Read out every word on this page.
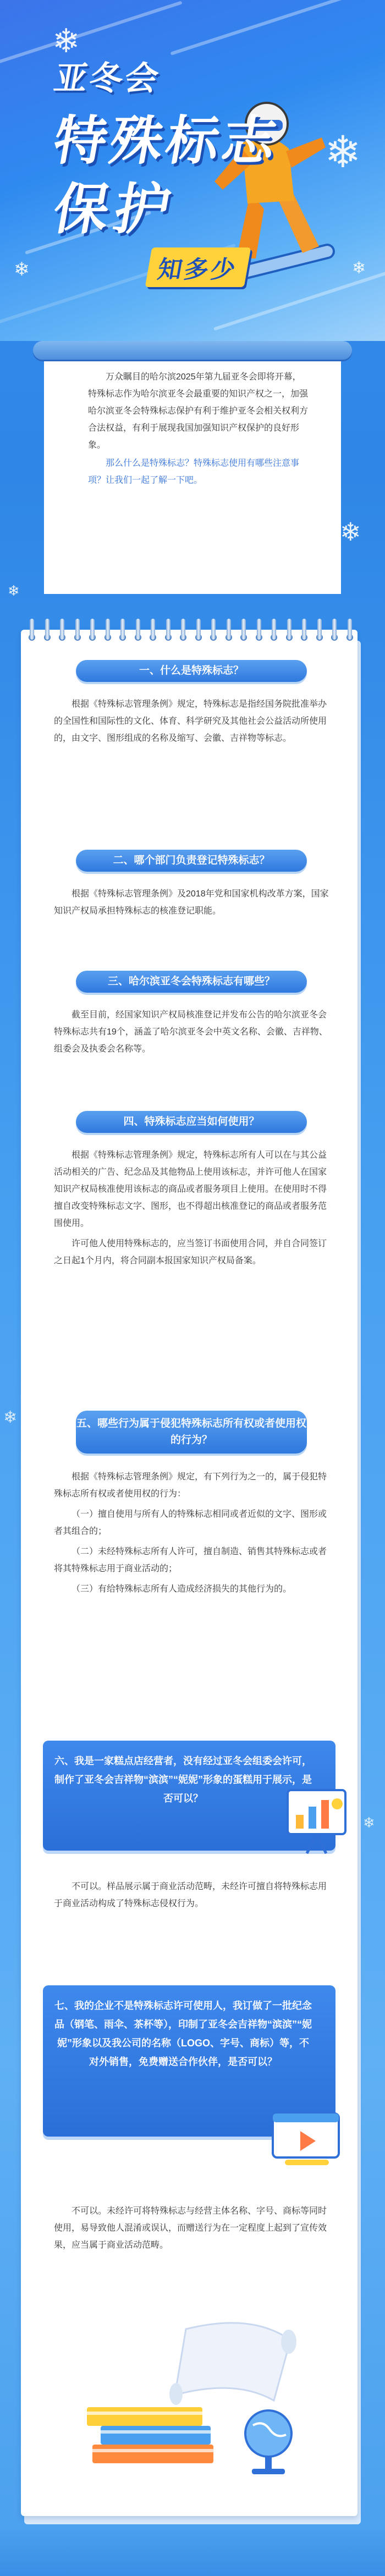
❄
❄
❄	❄
亚冬会
特殊标志
保护
知多少

万众瞩目的哈尔滨2025年第九届亚冬会即将开幕，特殊标志作为哈尔滨亚冬会最重要的知识产权之一，加强哈尔滨亚冬会特殊标志保护有利于维护亚冬会相关权利方合法权益，有利于展现我国加强知识产权保护的良好形象。

那么什么是特殊标志？特殊标志使用有哪些注意事项？让我们一起了解一下吧。

❄
❄
一、什么是特殊标志？

根据《特殊标志管理条例》规定，特殊标志是指经国务院批准举办的全国性和国际性的文化、体育、科学研究及其他社会公益活动所使用的，由文字、图形组成的名称及缩写、会徽、吉祥物等标志。

二、哪个部门负责登记特殊标志？

根据《特殊标志管理条例》及2018年党和国家机构改革方案，国家知识产权局承担特殊标志的核准登记职能。

三、哈尔滨亚冬会特殊标志有哪些？

截至目前，经国家知识产权局核准登记并发布公告的哈尔滨亚冬会特殊标志共有19个，涵盖了哈尔滨亚冬会中英文名称、会徽、吉祥物、组委会及执委会名称等。

四、特殊标志应当如何使用？

根据《特殊标志管理条例》规定，特殊标志所有人可以在与其公益活动相关的广告、纪念品及其他物品上使用该标志，并许可他人在国家知识产权局核准使用该标志的商品或者服务项目上使用。在使用时不得擅自改变特殊标志文字、图形，也不得超出核准登记的商品或者服务范围使用。

许可他人使用特殊标志的，应当签订书面使用合同，并自合同签订之日起1个月内，将合同副本报国家知识产权局备案。

五、哪些行为属于侵犯特殊标志所有权或者使用权的行为？

根据《特殊标志管理条例》规定，有下列行为之一的，属于侵犯特殊标志所有权或者使用权的行为：

（一）擅自使用与所有人的特殊标志相同或者近似的文字、图形或者其组合的；

（二）未经特殊标志所有人许可，擅自制造、销售其特殊标志或者将其特殊标志用于商业活动的；

（三）有给特殊标志所有人造成经济损失的其他行为的。

六、我是一家糕点店经营者，没有经过亚冬会组委会许可，制作了亚冬会吉祥物“滨滨”“妮妮”形象的蛋糕用于展示，是否可以？

不可以。样品展示属于商业活动范畴，未经许可擅自将特殊标志用于商业活动构成了特殊标志侵权行为。

七、我的企业不是特殊标志许可使用人，我订做了一批纪念品（钢笔、雨伞、茶杯等），印制了亚冬会吉祥物“滨滨”“妮妮”形象以及我公司的名称（LOGO、字号、商标）等，不对外销售，免费赠送合作伙伴，是否可以？

不可以。未经许可将特殊标志与经营主体名称、字号、商标等同时使用，易导致他人混淆或误认，而赠送行为在一定程度上起到了宣传效果，应当属于商业活动范畴。

❄
❄
